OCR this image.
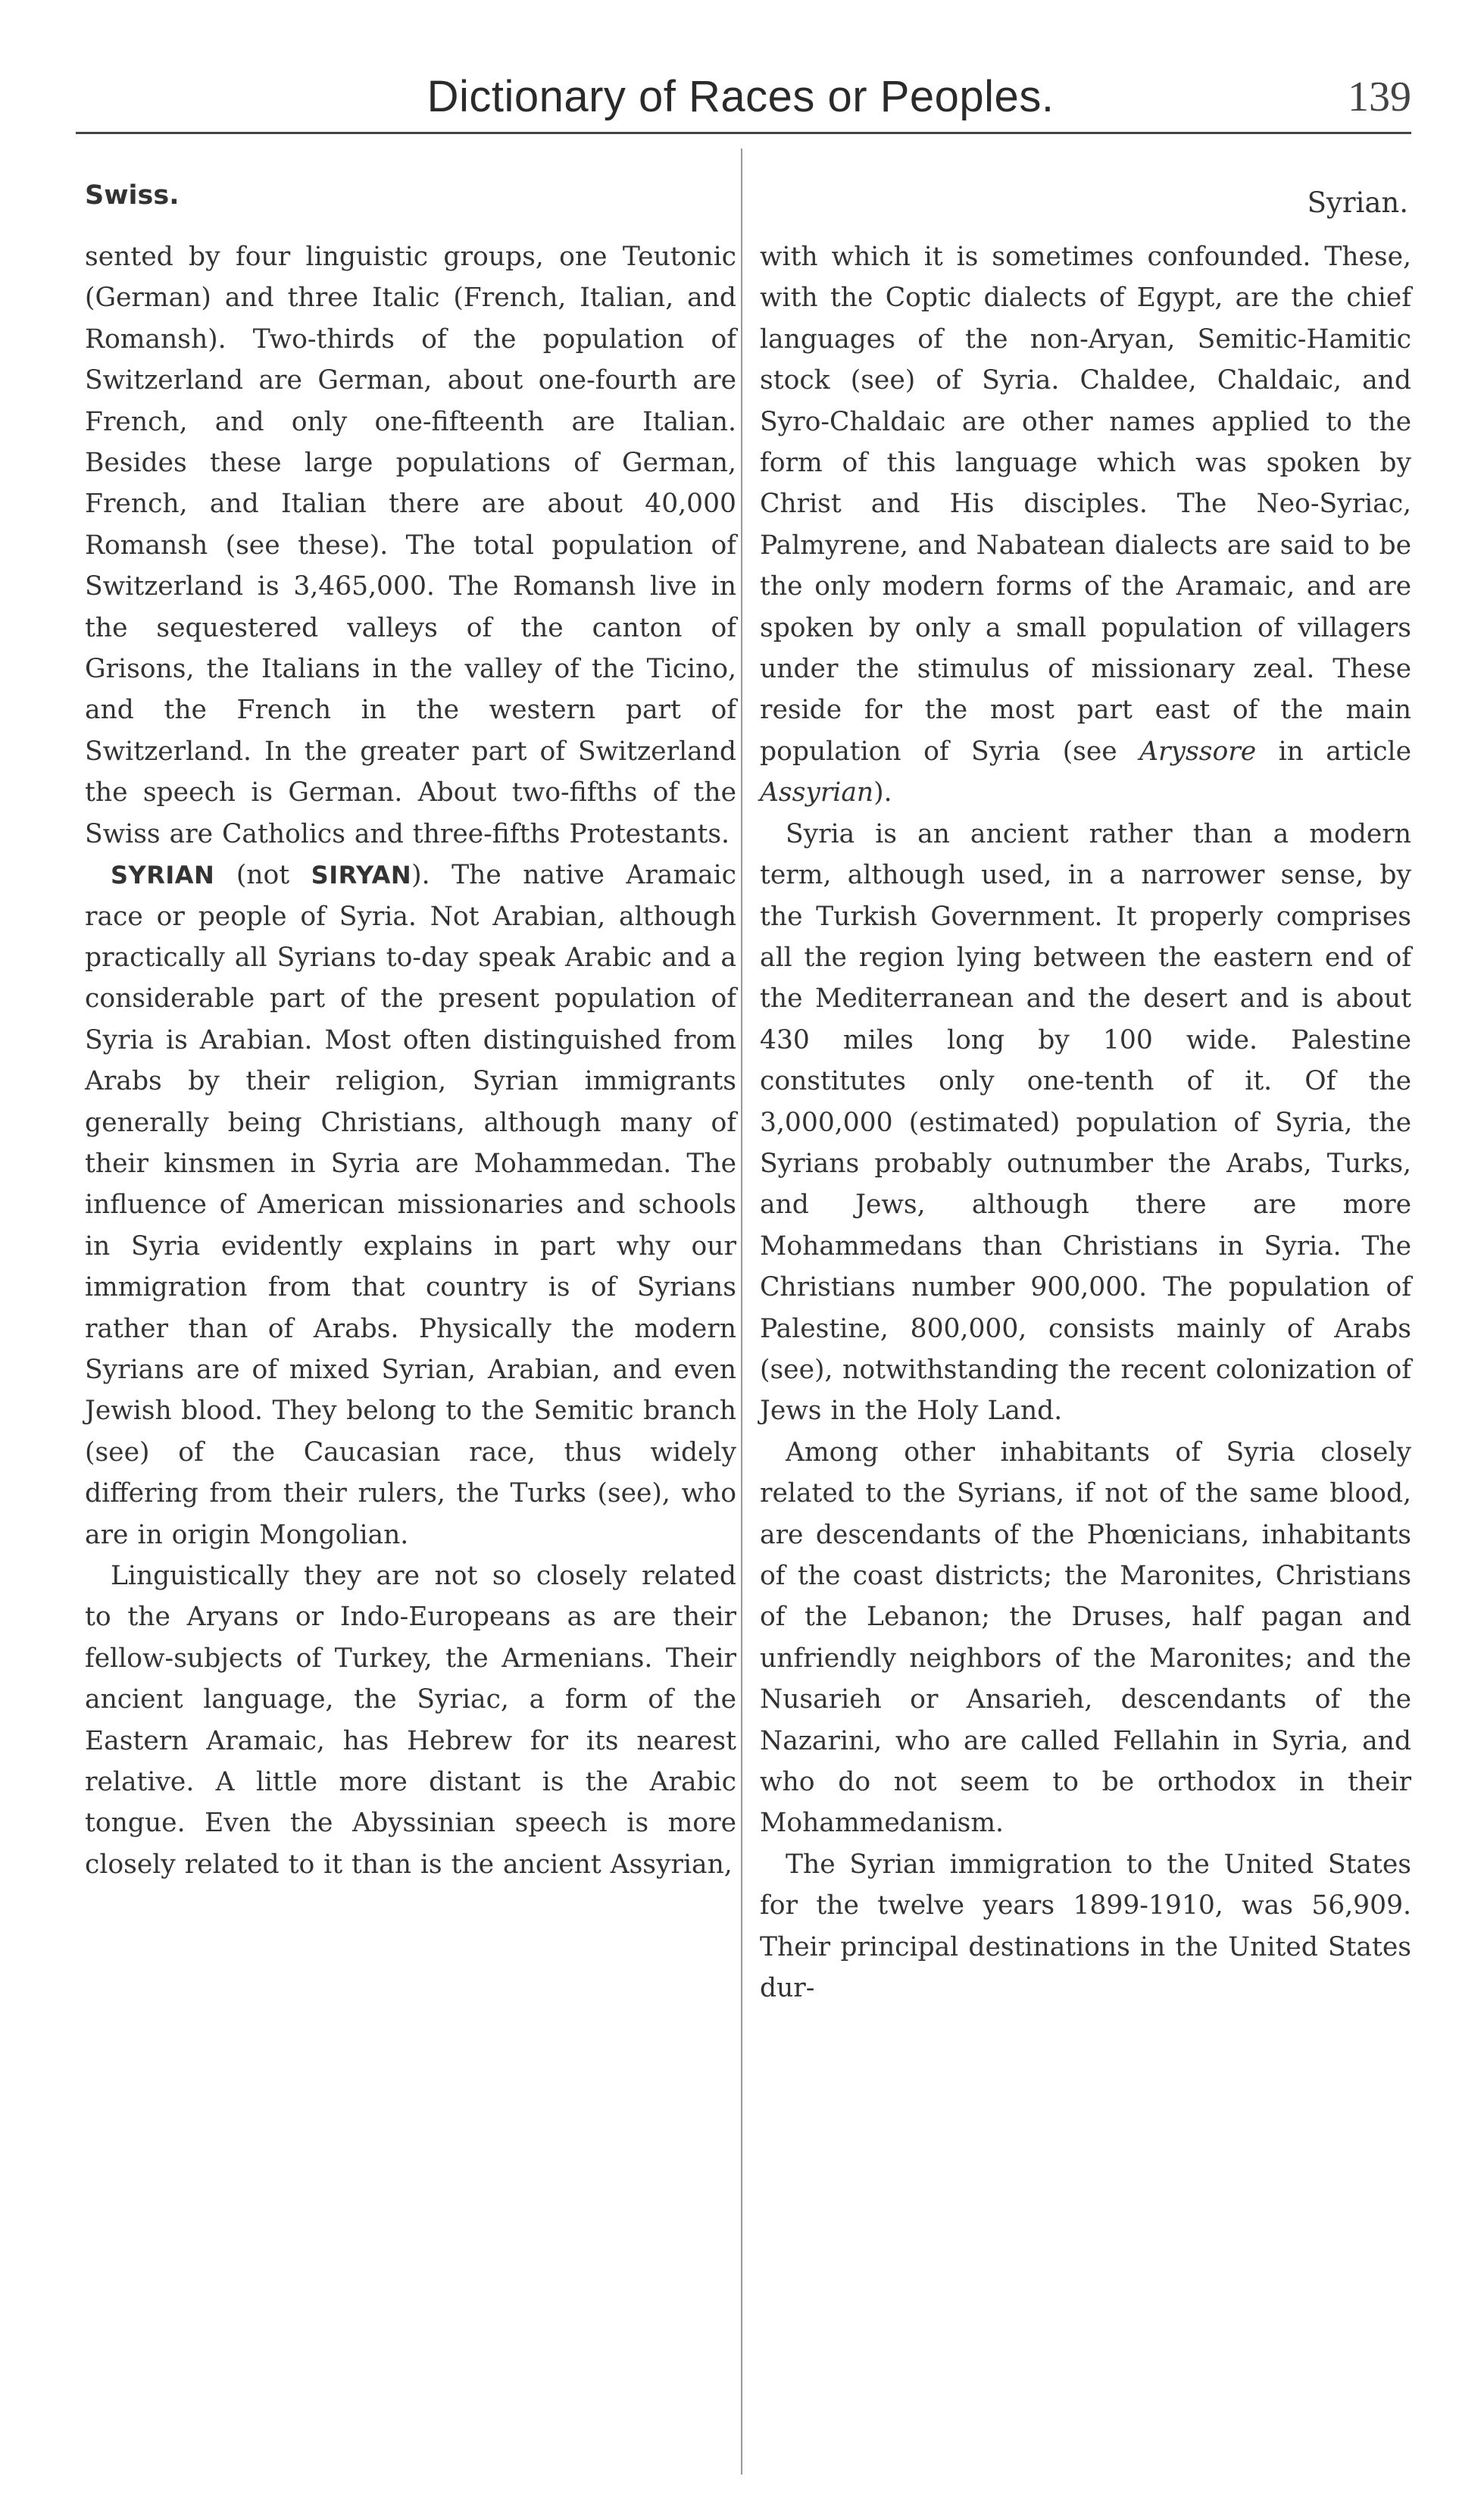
Dictionary of Races or Peoples.	139
Swiss.	Syrian.

sented by four linguistic groups, one Teutonic (German) and three Italic (French, Italian, and Romansh). Two-thirds of the population of Switzerland are German, about one-fourth are French, and only one-fifteenth are Italian. Besides these large populations of German, French, and Italian there are about 40,000 Romansh (see these). The total population of Switzerland is 3,465,000. The Romansh live in the sequestered valleys of the canton of Grisons, the Italians in the valley of the Ticino, and the French in the western part of Switzerland. In the greater part of Switzerland the speech is German. About two-fifths of the Swiss are Catholics and three-fifths Protestants.

SYRIAN (not SIRYAN). The native Aramaic race or people of Syria. Not Arabian, although practically all Syrians to-day speak Arabic and a considerable part of the present population of Syria is Arabian. Most often distinguished from Arabs by their religion, Syrian immigrants generally being Christians, although many of their kinsmen in Syria are Mohammedan. The influence of American missionaries and schools in Syria evidently explains in part why our immigration from that country is of Syrians rather than of Arabs. Physically the modern Syrians are of mixed Syrian, Arabian, and even Jewish blood. They belong to the Semitic branch (see) of the Caucasian race, thus widely differing from their rulers, the Turks (see), who are in origin Mongolian.

Linguistically they are not so closely related to the Aryans or Indo-Europeans as are their fellow-subjects of Turkey, the Armenians. Their ancient language, the Syriac, a form of the Eastern Aramaic, has Hebrew for its nearest relative. A little more distant is the Arabic tongue. Even the Abyssinian speech is more closely related to it than is the ancient Assyrian,

with which it is sometimes confounded. These, with the Coptic dialects of Egypt, are the chief languages of the non-Aryan, Semitic-Hamitic stock (see) of Syria. Chaldee, Chaldaic, and Syro-Chaldaic are other names applied to the form of this language which was spoken by Christ and His disciples. The Neo-Syriac, Palmyrene, and Nabatean dialects are said to be the only modern forms of the Aramaic, and are spoken by only a small population of villagers under the stimulus of missionary zeal. These reside for the most part east of the main population of Syria (see Aryssore in article Assyrian).

Syria is an ancient rather than a modern term, although used, in a narrower sense, by the Turkish Government. It properly comprises all the region lying between the eastern end of the Mediterranean and the desert and is about 430 miles long by 100 wide. Palestine constitutes only one-tenth of it. Of the 3,000,000 (estimated) population of Syria, the Syrians probably outnumber the Arabs, Turks, and Jews, although there are more Mohammedans than Christians in Syria. The Christians number 900,000. The population of Palestine, 800,000, consists mainly of Arabs (see), notwithstanding the recent colonization of Jews in the Holy Land.

Among other inhabitants of Syria closely related to the Syrians, if not of the same blood, are descendants of the Phœnicians, inhabitants of the coast districts; the Maronites, Christians of the Lebanon; the Druses, half pagan and unfriendly neighbors of the Maronites; and the Nusarieh or Ansarieh, descendants of the Nazarini, who are called Fellahin in Syria, and who do not seem to be orthodox in their Mohammedanism.

The Syrian immigration to the United States for the twelve years 1899-1910, was 56,909. Their principal destinations in the United States dur-
